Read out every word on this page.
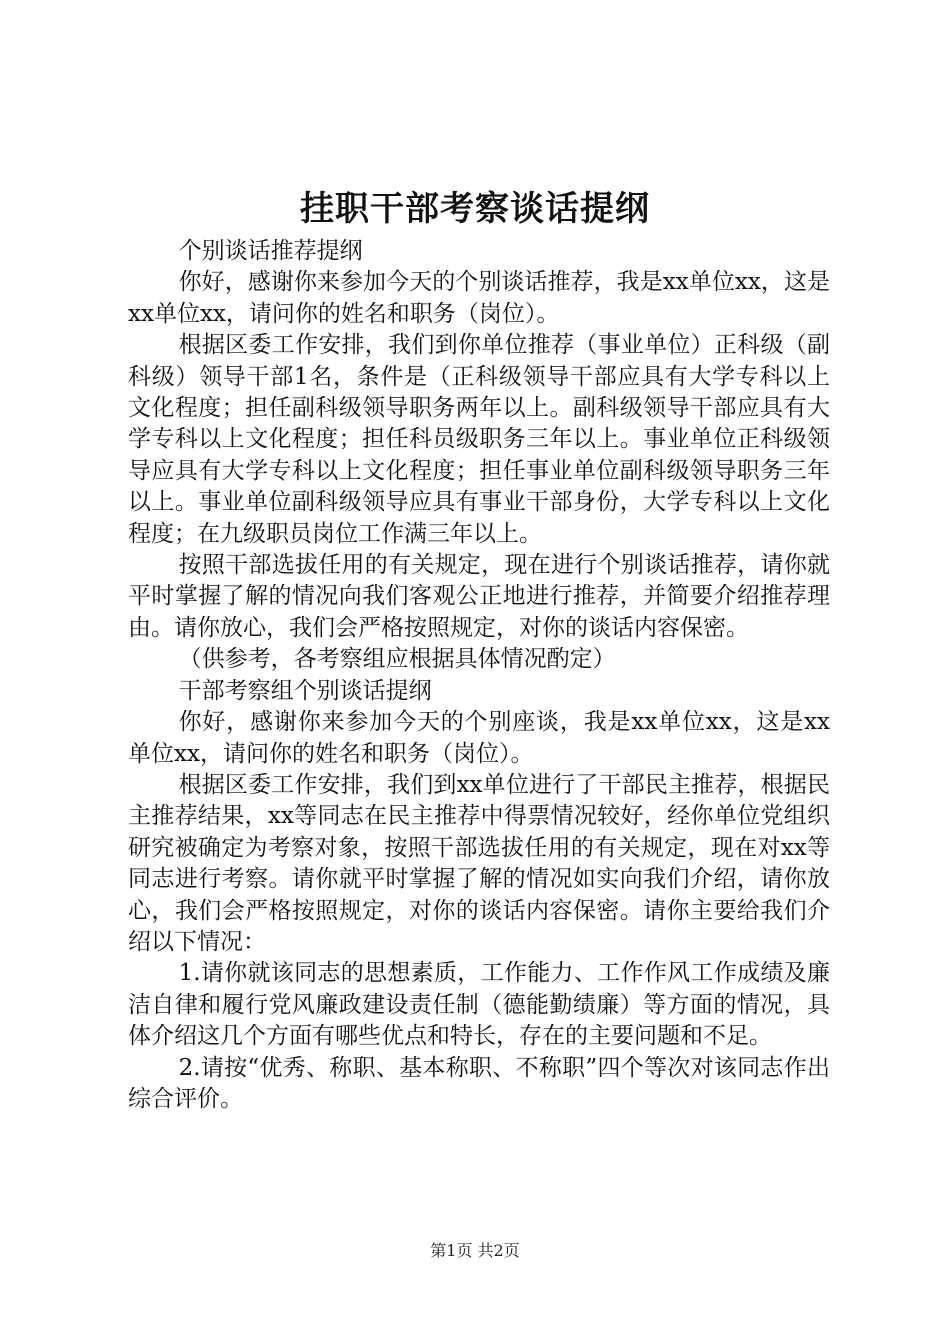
挂职干部考察谈话提纲

个别谈话推荐提纲

你好，感谢你来参加今天的个别谈话推荐，我是xx单位xx，这是xx单位xx，请问你的姓名和职务（岗位）。

根据区委工作安排，我们到你单位推荐（事业单位）正科级（副科级）领导干部1名，条件是（正科级领导干部应具有大学专科以上文化程度；担任副科级领导职务两年以上。副科级领导干部应具有大学专科以上文化程度；担任科员级职务三年以上。事业单位正科级领导应具有大学专科以上文化程度；担任事业单位副科级领导职务三年以上。事业单位副科级领导应具有事业干部身份，大学专科以上文化程度；在九级职员岗位工作满三年以上。

按照干部选拔任用的有关规定，现在进行个别谈话推荐，请你就平时掌握了解的情况向我们客观公正地进行推荐，并简要介绍推荐理由。请你放心，我们会严格按照规定，对你的谈话内容保密。

（供参考，各考察组应根据具体情况酌定）

干部考察组个别谈话提纲

你好，感谢你来参加今天的个别座谈，我是xx单位xx，这是xx单位xx，请问你的姓名和职务（岗位）。

根据区委工作安排，我们到xx单位进行了干部民主推荐，根据民主推荐结果，xx等同志在民主推荐中得票情况较好，经你单位党组织研究被确定为考察对象，按照干部选拔任用的有关规定，现在对xx等同志进行考察。请你就平时掌握了解的情况如实向我们介绍，请你放心，我们会严格按照规定，对你的谈话内容保密。请你主要给我们介绍以下情况：

1.请你就该同志的思想素质，工作能力、工作作风工作成绩及廉洁自律和履行党风廉政建设责任制（德能勤绩廉）等方面的情况，具体介绍这几个方面有哪些优点和特长，存在的主要问题和不足。

2.请按“优秀、称职、基本称职、不称职”四个等次对该同志作出综合评价。

第1页 共2页
